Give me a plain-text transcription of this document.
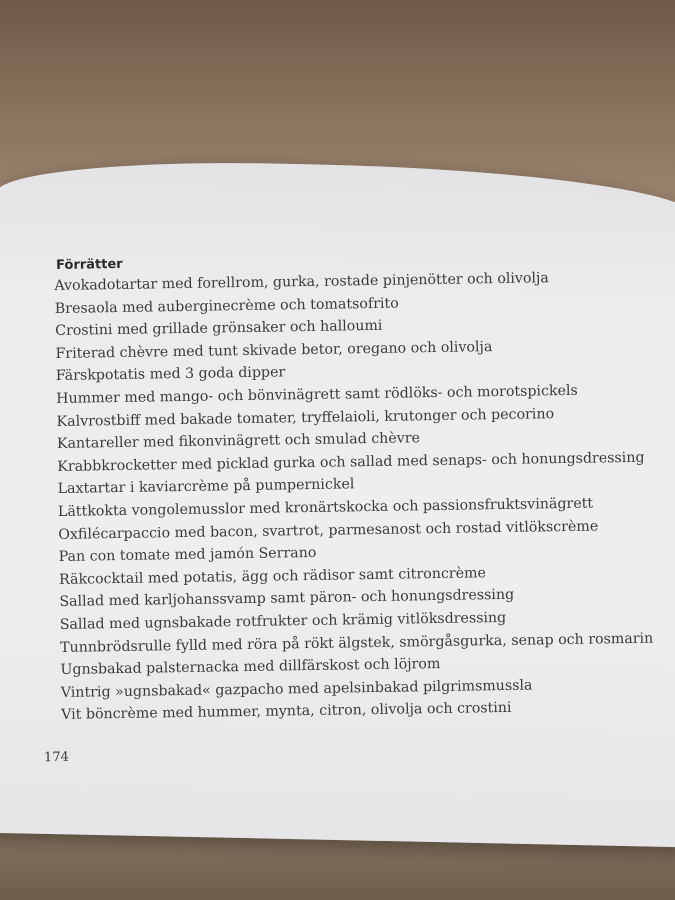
Förrätter
Avokadotartar med forellrom, gurka, rostade pinjenötter och olivolja
Bresaola med auberginecrème och tomatsofrito
Crostini med grillade grönsaker och halloumi
Friterad chèvre med tunt skivade betor, oregano och olivolja
Färskpotatis med 3 goda dipper
Hummer med mango- och bönvinägrett samt rödlöks- och morotspickels
Kalvrostbiff med bakade tomater, tryffelaioli, krutonger och pecorino
Kantareller med fikonvinägrett och smulad chèvre
Krabbkrocketter med picklad gurka och sallad med senaps- och honungsdressing
Laxtartar i kaviarcrème på pumpernickel
Lättkokta vongolemusslor med kronärtskocka och passionsfruktsvinägrett
Oxfilécarpaccio med bacon, svartrot, parmesanost och rostad vitlökscrème
Pan con tomate med jamón Serrano
Räkcocktail med potatis, ägg och rädisor samt citroncrème
Sallad med karljohanssvamp samt päron- och honungsdressing
Sallad med ugnsbakade rotfrukter och krämig vitlöksdressing
Tunnbrödsrulle fylld med röra på rökt älgstek, smörgåsgurka, senap och rosmarin
Ugnsbakad palsternacka med dillfärskost och löjrom
Vintrig »ugnsbakad« gazpacho med apelsinbakad pilgrimsmussla
Vit böncrème med hummer, mynta, citron, olivolja och crostini
174
